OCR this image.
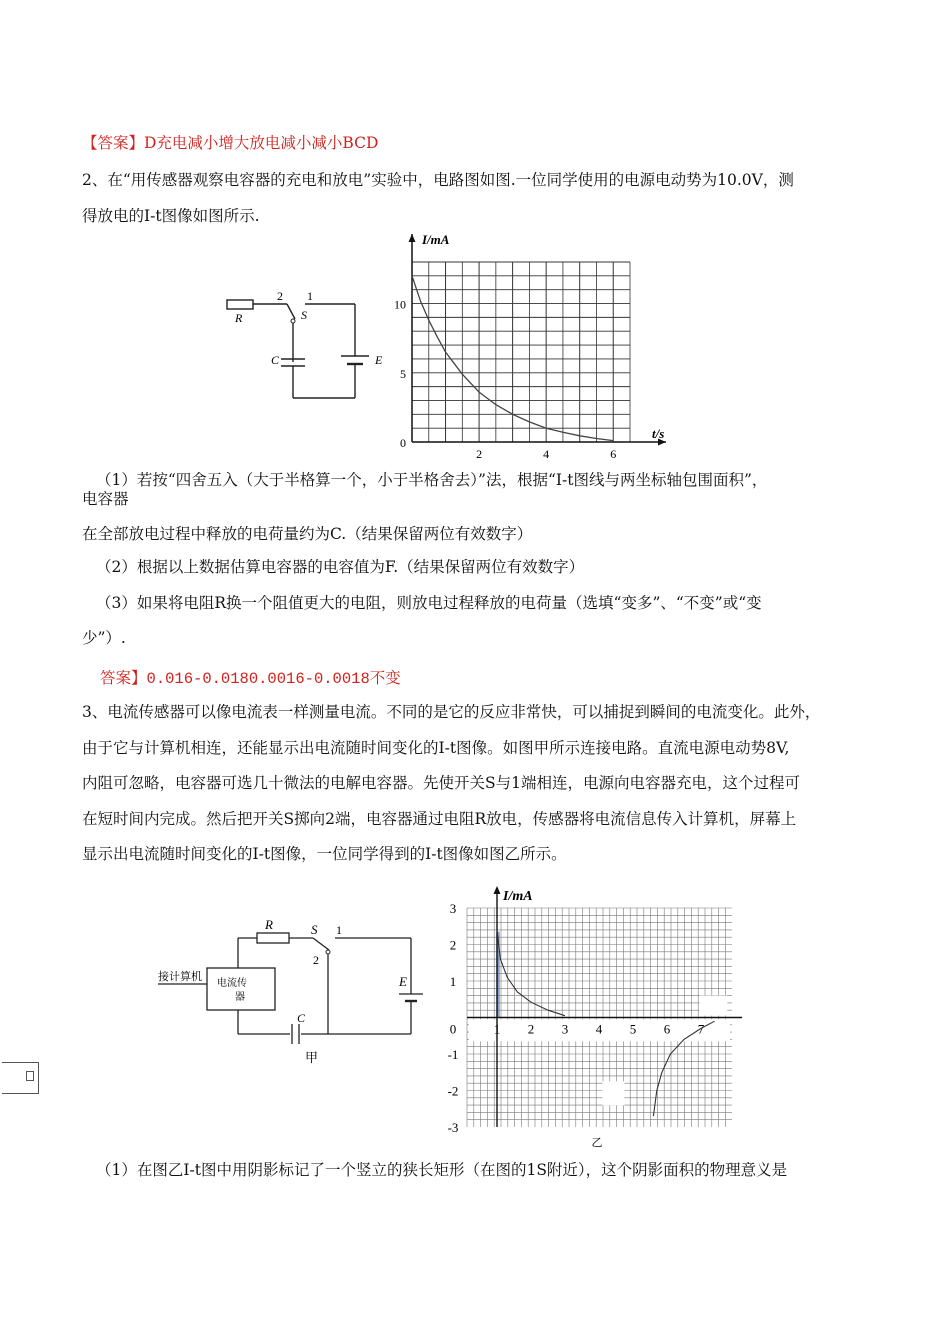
【答案】D充电减小增大放电减小减小BCD
2、在“用传感器观察电容器的充电和放电”实验中，电路图如图.一位同学使用的电源电动势为10.0V，测
得放电的I-t图像如图所示.
R
2 1
S
C	E
I/mA
t/s
0
5
10
2	4	6
（1）若按“四舍五入（大于半格算一个，小于半格舍去）”法，根据“I-t图线与两坐标轴包围面积”，
电容器
在全部放电过程中释放的电荷量约为C.（结果保留两位有效数字）
（2）根据以上数据估算电容器的电容值为F.（结果保留两位有效数字）
（3）如果将电阻R换一个阻值更大的电阻，则放电过程释放的电荷量（选填“变多”、“不变”或“变
少”）.
答案】0.016-0.0180.0016-0.0018不变
3、电流传感器可以像电流表一样测量电流。不同的是它的反应非常快，可以捕捉到瞬间的电流变化。此外，
由于它与计算机相连，还能显示出电流随时间变化的I-t图像。如图甲所示连接电路。直流电源电动势8V,
内阻可忽略，电容器可选几十微法的电解电容器。先使开关S与1端相连，电源向电容器充电，这个过程可
在短时间内完成。然后把开关S掷向2端，电容器通过电阻R放电，传感器将电流信息传入计算机，屏幕上
显示出电流随时间变化的I-t图像，一位同学得到的I-t图像如图乙所示。
R	S 1
2
接计算机
电流传
器
C
E
甲
I/mA
3
2
1
-1
-2
-3
0	1 2 3 4 5 6 7
乙
（1）在图乙I-t图中用阴影标记了一个竖立的狭长矩形（在图的1S附近），这个阴影面积的物理意义是
